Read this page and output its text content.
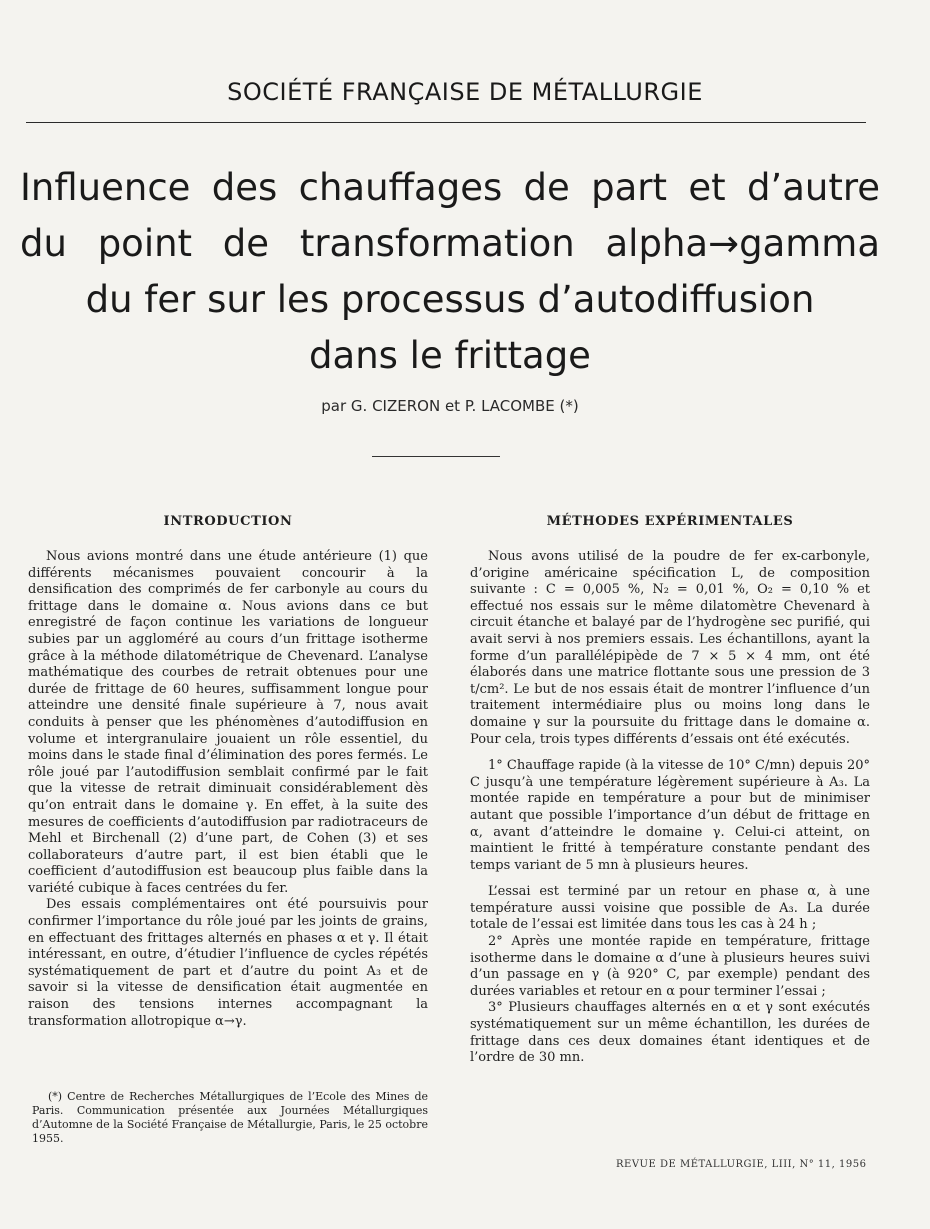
SOCIÉTÉ FRANÇAISE DE MÉTALLURGIE
Influence des chauffages de part et d’autre
du point de transformation alpha→gamma
du fer sur les processus d’autodiffusion
dans le frittage
par G. CIZERON et P. LACOMBE (*)
INTRODUCTION

Nous avions montré dans une étude antérieure (1) que différents mécanismes pouvaient concourir à la densification des comprimés de fer carbonyle au cours du frittage dans le domaine α. Nous avions dans ce but enregistré de façon continue les variations de longueur subies par un aggloméré au cours d’un frittage isotherme grâce à la méthode dilatométrique de Chevenard. L’analyse mathématique des courbes de retrait obtenues pour une durée de frittage de 60 heures, suffisamment longue pour atteindre une densité finale supérieure à 7, nous avait conduits à penser que les phénomènes d’autodiffusion en volume et intergranulaire jouaient un rôle essentiel, du moins dans le stade final d’élimination des pores fermés. Le rôle joué par l’autodiffusion semblait confirmé par le fait que la vitesse de retrait diminuait considérablement dès qu’on entrait dans le domaine γ. En effet, à la suite des mesures de coefficients d’autodiffusion par radiotraceurs de Mehl et Birchenall (2) d’une part, de Cohen (3) et ses collaborateurs d’autre part, il est bien établi que le coefficient d’autodiffusion est beaucoup plus faible dans la variété cubique à faces centrées du fer.

Des essais complémentaires ont été poursuivis pour confirmer l’importance du rôle joué par les joints de grains, en effectuant des frittages alternés en phases α et γ. Il était intéressant, en outre, d’étudier l’influence de cycles répétés systématiquement de part et d’autre du point A₃ et de savoir si la vitesse de densification était augmentée en raison des tensions internes accompagnant la transformation allotropique α→γ.

MÉTHODES EXPÉRIMENTALES

Nous avons utilisé de la poudre de fer ex-carbonyle, d’origine américaine spécification L, de composition suivante : C = 0,005 %, N₂ = 0,01 %, O₂ = 0,10 % et effectué nos essais sur le même dilatomètre Chevenard à circuit étanche et balayé par de l’hydrogène sec purifié, qui avait servi à nos premiers essais. Les échantillons, ayant la forme d’un parallélépipède de 7 × 5 × 4 mm, ont été élaborés dans une matrice flottante sous une pression de 3 t/cm². Le but de nos essais était de montrer l’influence d’un traitement intermédiaire plus ou moins long dans le domaine γ sur la poursuite du frittage dans le domaine α. Pour cela, trois types différents d’essais ont été exécutés.

1° Chauffage rapide (à la vitesse de 10° C/mn) depuis 20° C jusqu’à une température légèrement supérieure à A₃. La montée rapide en température a pour but de minimiser autant que possible l’importance d’un début de frittage en α, avant d’atteindre le domaine γ. Celui-ci atteint, on maintient le fritté à température constante pendant des temps variant de 5 mn à plusieurs heures.

L’essai est terminé par un retour en phase α, à une température aussi voisine que possible de A₃. La durée totale de l’essai est limitée dans tous les cas à 24 h ;

2° Après une montée rapide en température, frittage isotherme dans le domaine α d’une à plusieurs heures suivi d’un passage en γ (à 920° C, par exemple) pendant des durées variables et retour en α pour terminer l’essai ;

3° Plusieurs chauffages alternés en α et γ sont exécutés systématiquement sur un même échantillon, les durées de frittage dans ces deux domaines étant identiques et de l’ordre de 30 mn.

(*) Centre de Recherches Métallurgiques de l’Ecole des Mines de Paris. Communication présentée aux Journées Métallurgiques d’Automne de la Société Française de Métallurgie, Paris, le 25 octobre 1955.
REVUE DE MÉTALLURGIE, LIII, N° 11, 1956
